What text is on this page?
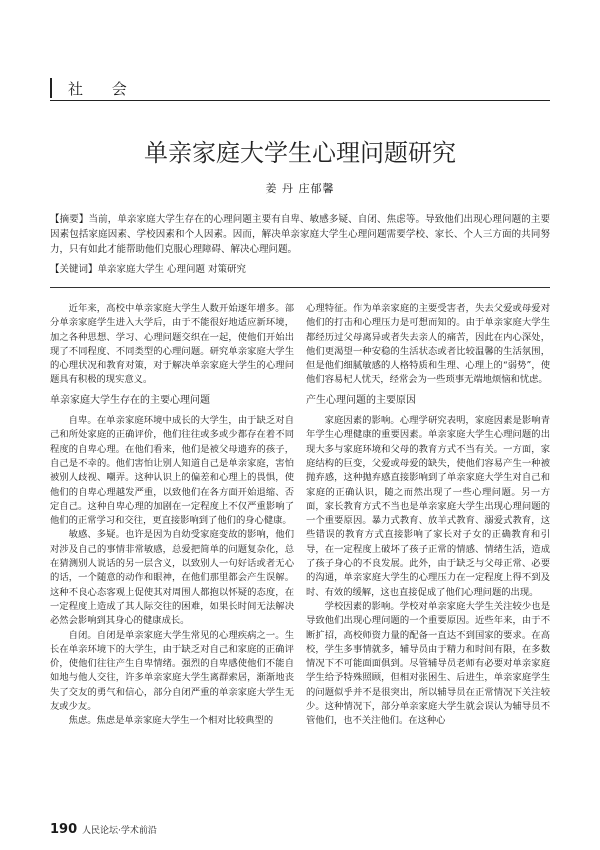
社 会
单亲家庭大学生心理问题研究
姜 丹 庄郁馨
【摘要】当前，单亲家庭大学生存在的心理问题主要有自卑、敏感多疑、自闭、焦虑等。导致他们出现心理问题的主要因素包括家庭因素、学校因素和个人因素。因而，解决单亲家庭大学生心理问题需要学校、家长、个人三方面的共同努力，只有如此才能帮助他们克服心理障碍、解决心理问题。
【关键词】单亲家庭大学生 心理问题 对策研究

近年来，高校中单亲家庭大学生人数开始逐年增多。部分单亲家庭学生进入大学后，由于不能很好地适应新环境，加之各种思想、学习、心理问题交织在一起，使他们开始出现了不同程度、不同类型的心理问题。研究单亲家庭大学生的心理状况和教育对策，对于解决单亲家庭大学生的心理问题具有积极的现实意义。

单亲家庭大学生存在的主要心理问题

自卑。在单亲家庭环境中成长的大学生，由于缺乏对自己和所处家庭的正确评价，他们往往或多或少都存在着不同程度的自卑心理。在他们看来，他们是被父母遗弃的孩子，自己是不幸的。他们害怕让别人知道自己是单亲家庭，害怕被别人歧视、嘲弄。这种认识上的偏差和心理上的畏惧，使他们的自卑心理越发严重，以致他们在各方面开始退缩、否定自己。这种自卑心理的加剧在一定程度上不仅严重影响了他们的正常学习和交往，更直接影响到了他们的身心健康。

敏感、多疑。也许是因为自幼受家庭变故的影响，他们对涉及自己的事情非常敏感，总爱把简单的问题复杂化，总在猜测别人说话的另一层含义，以致别人一句好话或者无心的话，一个随意的动作和眼神，在他们那里都会产生误解。这种不良心态客观上促使其对周围人都抱以怀疑的态度，在一定程度上造成了其人际交往的困难，如果长时间无法解决必然会影响到其身心的健康成长。

自闭。自闭是单亲家庭大学生常见的心理疾病之一。生长在单亲环境下的大学生，由于缺乏对自己和家庭的正确评价，使他们往往产生自卑情绪。强烈的自卑感使他们不能自如地与他人交往，许多单亲家庭大学生离群索居，渐渐地丧失了交友的勇气和信心，部分自闭严重的单亲家庭大学生无友或少友。

焦虑。焦虑是单亲家庭大学生一个相对比较典型的

心理特征。作为单亲家庭的主要受害者，失去父爱或母爱对他们的打击和心理压力是可想而知的。由于单亲家庭大学生都经历过父母离异或者失去亲人的痛苦，因此在内心深处，他们更渴望一种安稳的生活状态或者比较温馨的生活氛围，但是他们细腻敏感的人格特质和生理、心理上的“弱势”，使他们容易杞人忧天，经常会为一些琐事无端地烦恼和忧虑。

产生心理问题的主要原因

家庭因素的影响。心理学研究表明，家庭因素是影响青年学生心理健康的重要因素。单亲家庭大学生心理问题的出现大多与家庭环境和父母的教育方式不当有关。一方面，家庭结构的巨变，父爱或母爱的缺失，使他们容易产生一种被抛弃感，这种抛弃感直接影响到了单亲家庭大学生对自己和家庭的正确认识，随之而然出现了一些心理问题。另一方面，家长教育方式不当也是单亲家庭大学生出现心理问题的一个重要原因。暴力式教育、放羊式教育、溺爱式教育，这些错误的教育方式直接影响了家长对子女的正确教育和引导，在一定程度上破坏了孩子正常的情感、情绪生活，造成了孩子身心的不良发展。此外，由于缺乏与父母正常、必要的沟通，单亲家庭大学生的心理压力在一定程度上得不到及时、有效的缓解，这也直接促成了他们心理问题的出现。

学校因素的影响。学校对单亲家庭大学生关注较少也是导致他们出现心理问题的一个重要原因。近些年来，由于不断扩招，高校师资力量的配备一直达不到国家的要求。在高校，学生多事情就多，辅导员由于精力和时间有限，在多数情况下不可能面面俱到。尽管辅导员老师有必要对单亲家庭学生给予特殊照顾，但相对张困生、后进生，单亲家庭学生的问题似乎并不是很突出，所以辅导员在正常情况下关注较少。这种情况下，部分单亲家庭大学生就会误认为辅导员不管他们，也不关注他们。在这种心

190 人民论坛·学术前沿
